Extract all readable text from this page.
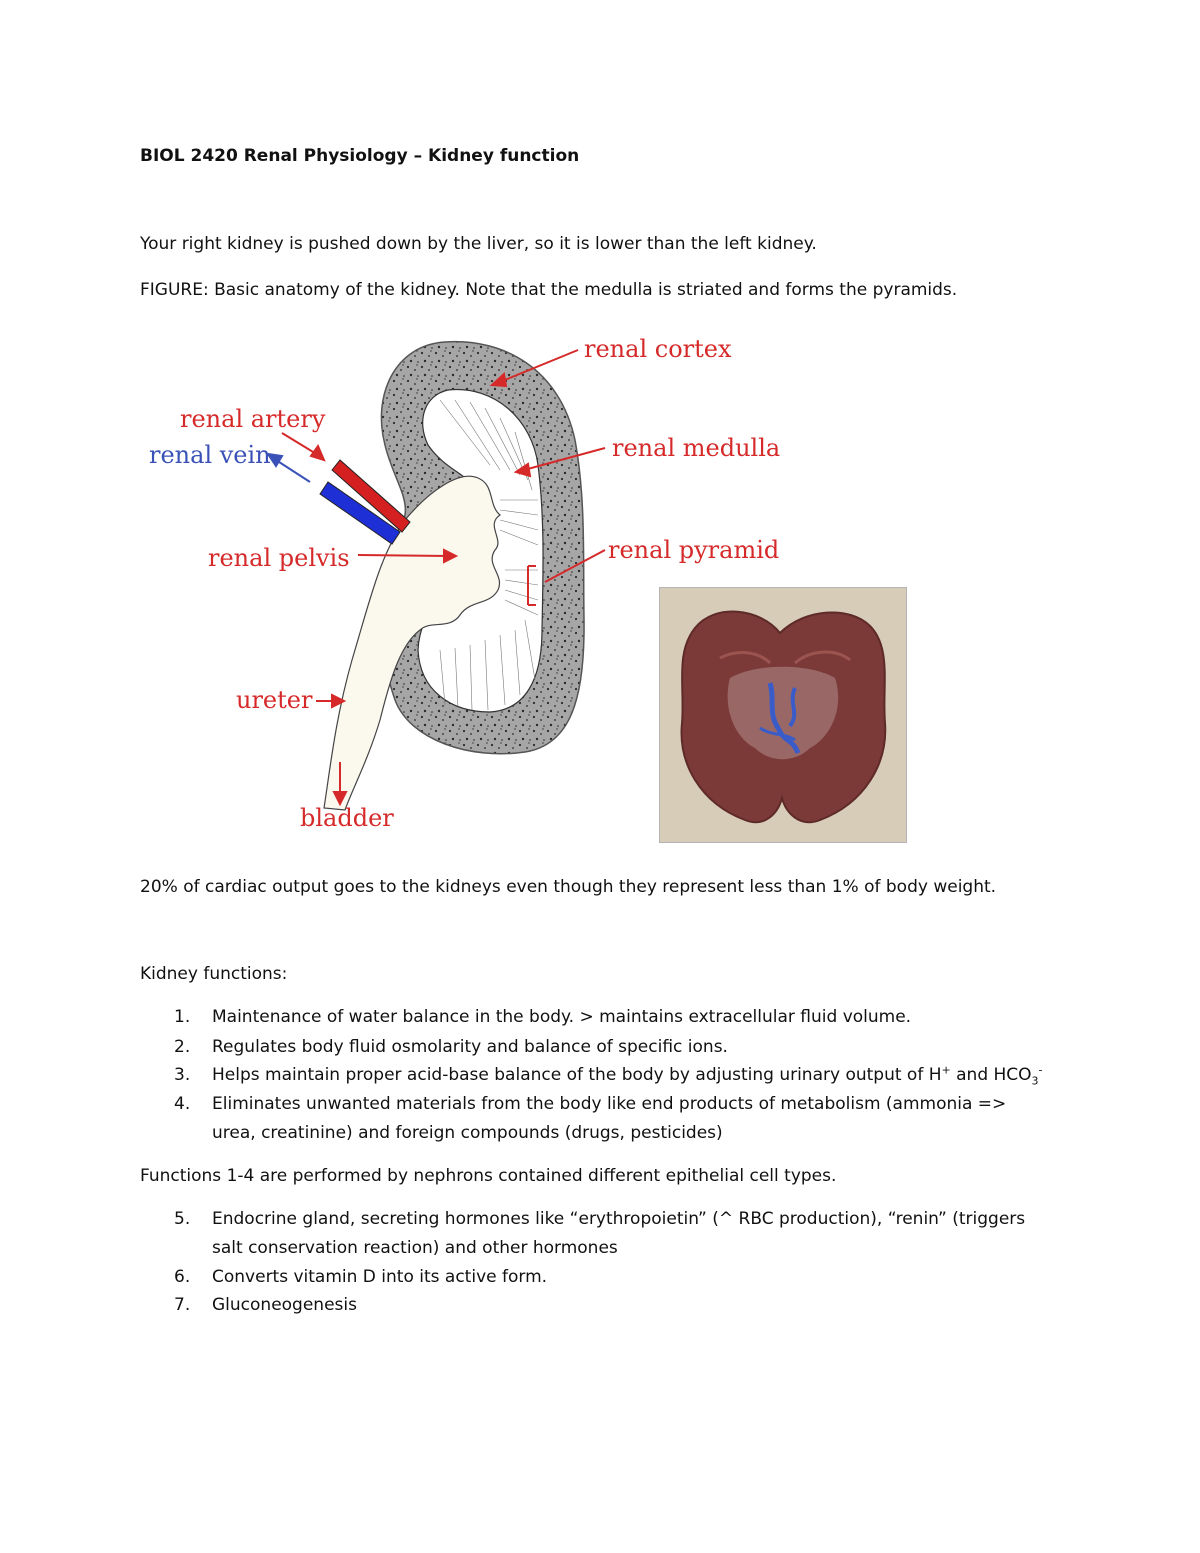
BIOL 2420 Renal Physiology – Kidney function
Your right kidney is pushed down by the liver, so it is lower than the left kidney.
FIGURE: Basic anatomy of the kidney. Note that the medulla is striated and forms the pyramids.
renal cortex
renal artery
renal vein	renal medulla
renal pelvis	renal pyramid
ureter
bladder
20% of cardiac output goes to the kidneys even though they represent less than 1% of body weight.
Kidney functions:
1.	Maintenance of water balance in the body. > maintains extracellular fluid volume.
2.	Regulates body fluid osmolarity and balance of specific ions.
3.	Helps maintain proper acid-base balance of the body by adjusting urinary output of H+ and $HCO_3^-$
4.	Eliminates unwanted materials from the body like end products of metabolism (ammonia => urea, creatinine) and foreign compounds (drugs, pesticides)
Functions 1-4 are performed by nephrons contained different epithelial cell types.
5.	Endocrine gland, secreting hormones like “erythropoietin” (^ RBC production), “renin” (triggers salt conservation reaction) and other hormones
6.	Converts vitamin D into its active form.
7.	Gluconeogenesis
